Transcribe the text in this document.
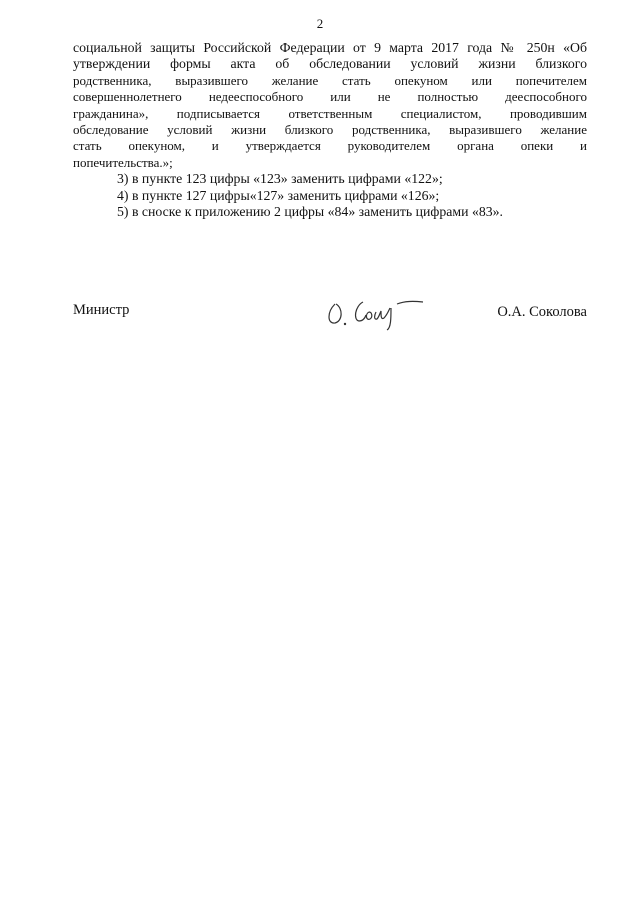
2
социальной защиты Российской Федерации от 9 марта 2017 года № 250н «Об
утверждении формы акта об обследовании условий жизни близкого
родственника, выразившего желание стать опекуном или попечителем
совершеннолетнего недееспособного или не полностью дееспособного
гражданина», подписывается ответственным специалистом, проводившим
обследование условий жизни близкого родственника, выразившего желание
стать опекуном, и утверждается руководителем органа опеки и
попечительства.»;
3) в пункте 123 цифры «123» заменить цифрами «122»;
4) в пункте 127 цифры«127» заменить цифрами «126»;
5) в сноске к приложению 2 цифры «84» заменить цифрами «83».
Министр	О.А. Соколова
